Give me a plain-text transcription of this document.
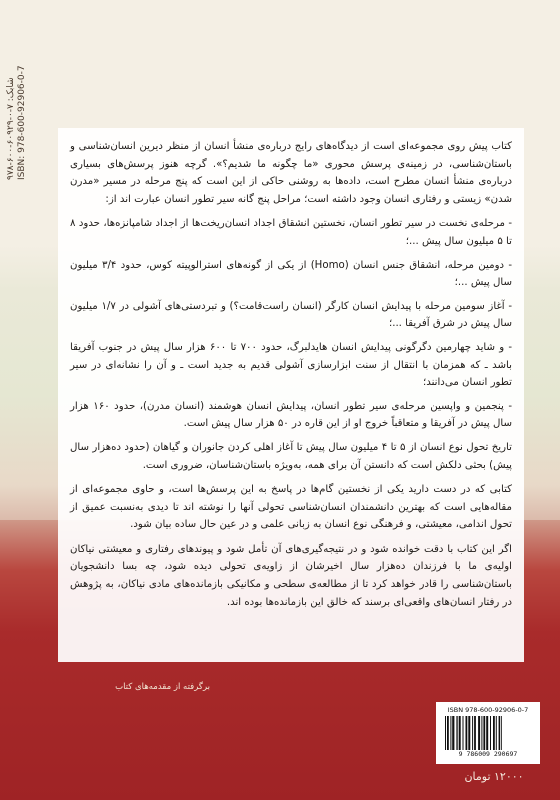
شابک: ۷-۰-۶۰۹۲۹-۶۰۰-۹۷۸ ISBN: 978-600-92906-0-7	کتاب پیش روی مجموعه‌ای است از دیدگاه‌های رایج درباره‌ی منشأ انسان از منظر دیرین انسان‌شناسی و باستان‌شناسی، در زمینه‌ی پرسش محوری «ما چگونه ما شدیم؟». گرچه هنوز پرسش‌های بسیاری درباره‌ی منشأ انسان مطرح است، داده‌ها به روشنی حاکی از این است که پنج مرحله در مسیر «مدرن شدن» زیستی و رفتاری انسان وجود داشته است؛ مراحل پنج گانه سیر تطور انسان عبارت اند از:

- مرحله‌ی نخست در سیر تطور انسان، نخستین انشقاق اجداد انسان‌ریخت‌ها از اجداد شامپانزه‌ها، حدود ۸ تا ۵ میلیون سال پیش ...؛

- دومین مرحله، انشقاق جنس انسان (Homo) از یکی از گونه‌های استرالوپیته کوس، حدود ۳/۴ میلیون سال پیش ...؛

- آغاز سومین مرحله با پیدایش انسان کارگر (انسان راست‌قامت؟) و تبردستی‌های آشولی در ۱/۷ میلیون سال پیش در شرق آفریقا ...؛

- و شاید چهارمین دگرگونی پیدایش انسان هایدلبرگ، حدود ۷۰۰ تا ۶۰۰ هزار سال پیش در جنوب آفریقا باشد ـ که همزمان با انتقال از سنت ابزارسازی آشولی قدیم به جدید است ـ و آن را نشانه‌ای در سیر تطور انسان می‌دانند؛

- پنجمین و واپسین مرحله‌ی سیر تطور انسان، پیدایش انسان هوشمند (انسان مدرن)، حدود ۱۶۰ هزار سال پیش در آفریقا و متعاقباً خروج او از این قاره در ۵۰ هزار سال پیش است.

تاریخ تحول نوع انسان از ۵ تا ۴ میلیون سال پیش تا آغاز اهلی کردن جانوران و گیاهان (حدود ده‌هزار سال پیش) بحثی دلکش است که دانستن آن برای همه، به‌ویژه باستان‌شناسان، ضروری است.

کتابی که در دست دارید یکی از نخستین گام‌ها در پاسخ به این پرسش‌ها است، و حاوی مجموعه‌ای از مقاله‌هایی است که بهترین دانشمندان انسان‌شناسی تحولی آنها را نوشته اند تا دیدی به‌نسبت عمیق از تحول اندامی، معیشتی، و فرهنگی نوع انسان به زبانی علمی و در عین حال ساده بیان شود.

اگر این کتاب با دقت خوانده شود و در نتیجه‌گیری‌های آن تأمل شود و پیوندهای رفتاری و معیشتی نیاکان اولیه‌ی ما با فرزندان ده‌هزار سال اخیرشان از زاویه‌ی تحولی دیده شود، چه بسا دانشجویان باستان‌شناسی را قادر خواهد کرد تا از مطالعه‌ی سطحی و مکانیکی بازمانده‌های مادی نیاکان، به پژوهش در رفتار انسان‌های واقعی‌ای برسند که خالق این بازمانده‌ها بوده اند.

برگرفته از مقدمه‌های کتاب
ISBN 978-600-92906-0-7
9 786009 290697
۱۲۰۰۰ تومان
